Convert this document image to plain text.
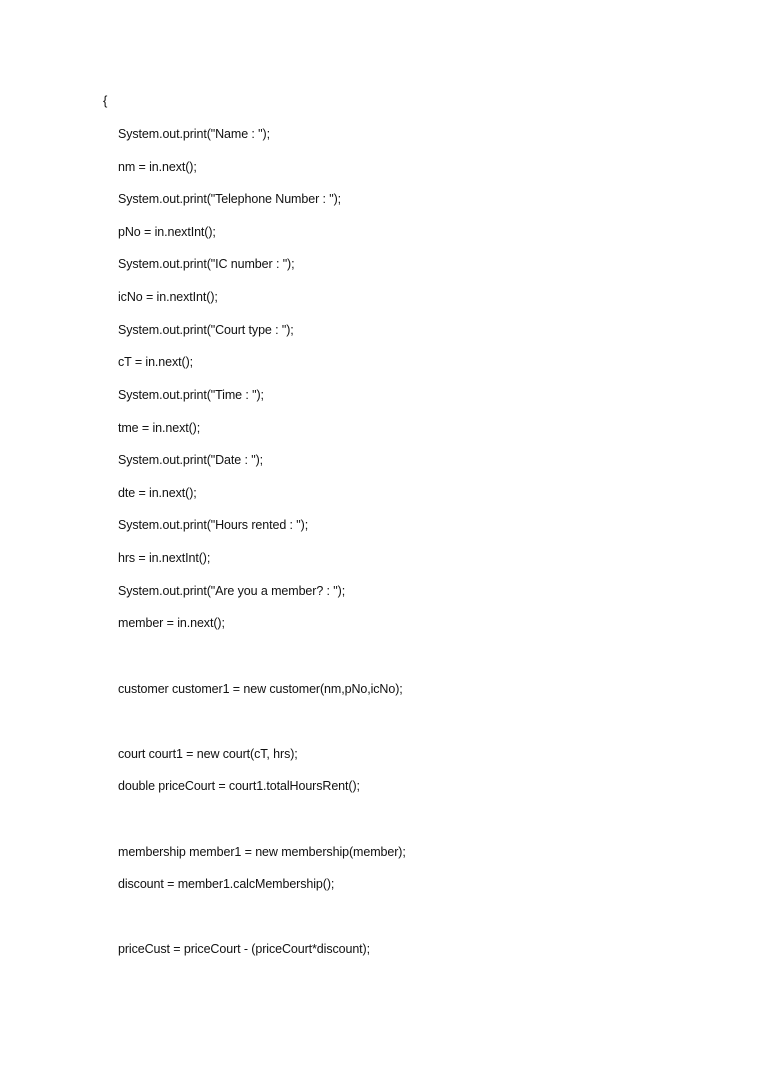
{
System.out.print("Name : ");
nm = in.next();
System.out.print("Telephone Number : ");
pNo = in.nextInt();
System.out.print("IC number : ");
icNo = in.nextInt();
System.out.print("Court type : ");
cT = in.next();
System.out.print("Time : ");
tme = in.next();
System.out.print("Date : ");
dte = in.next();
System.out.print("Hours rented : ");
hrs = in.nextInt();
System.out.print("Are you a member? : ");
member = in.next();
customer customer1 = new customer(nm,pNo,icNo);
court court1 = new court(cT, hrs);
double priceCourt = court1.totalHoursRent();
membership member1 = new membership(member);
discount = member1.calcMembership();
priceCust = priceCourt - (priceCourt*discount);
